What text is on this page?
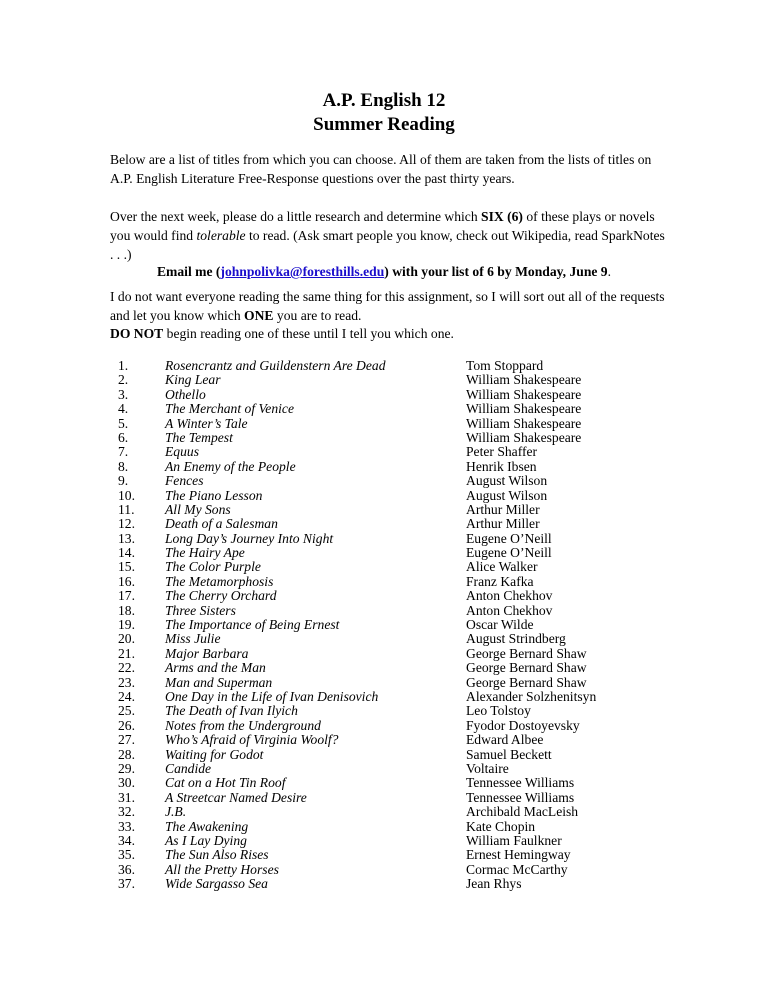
A.P. English 12
Summer Reading
Below are a list of titles from which you can choose. All of them are taken from the lists of titles on A.P. English Literature Free-Response questions over the past thirty years.
Over the next week, please do a little research and determine which SIX (6) of these plays or novels you would find tolerable to read. (Ask smart people you know, check out Wikipedia, read SparkNotes . . .)
Email me (johnpolivka@foresthills.edu) with your list of 6 by Monday, June 9.
I do not want everyone reading the same thing for this assignment, so I will sort out all of the requests and let you know which ONE you are to read.
DO NOT begin reading one of these until I tell you which one.
1.	Rosencrantz and Guildenstern Are Dead	Tom Stoppard
2.	King Lear	William Shakespeare
3.	Othello	William Shakespeare
4.	The Merchant of Venice	William Shakespeare
5.	A Winter’s Tale	William Shakespeare
6.	The Tempest	William Shakespeare
7.	Equus	Peter Shaffer
8.	An Enemy of the People	Henrik Ibsen
9.	Fences	August Wilson
10.	The Piano Lesson	August Wilson
11.	All My Sons	Arthur Miller
12.	Death of a Salesman	Arthur Miller
13.	Long Day’s Journey Into Night	Eugene O’Neill
14.	The Hairy Ape	Eugene O’Neill
15.	The Color Purple	Alice Walker
16.	The Metamorphosis	Franz Kafka
17.	The Cherry Orchard	Anton Chekhov
18.	Three Sisters	Anton Chekhov
19.	The Importance of Being Ernest	Oscar Wilde
20.	Miss Julie	August Strindberg
21.	Major Barbara	George Bernard Shaw
22.	Arms and the Man	George Bernard Shaw
23.	Man and Superman	George Bernard Shaw
24.	One Day in the Life of Ivan Denisovich	Alexander Solzhenitsyn
25.	The Death of Ivan Ilyich	Leo Tolstoy
26.	Notes from the Underground	Fyodor Dostoyevsky
27.	Who’s Afraid of Virginia Woolf?	Edward Albee
28.	Waiting for Godot	Samuel Beckett
29.	Candide	Voltaire
30.	Cat on a Hot Tin Roof	Tennessee Williams
31.	A Streetcar Named Desire	Tennessee Williams
32.	J.B.	Archibald MacLeish
33.	The Awakening	Kate Chopin
34.	As I Lay Dying	William Faulkner
35.	The Sun Also Rises	Ernest Hemingway
36.	All the Pretty Horses	Cormac McCarthy
37.	Wide Sargasso Sea	Jean Rhys
